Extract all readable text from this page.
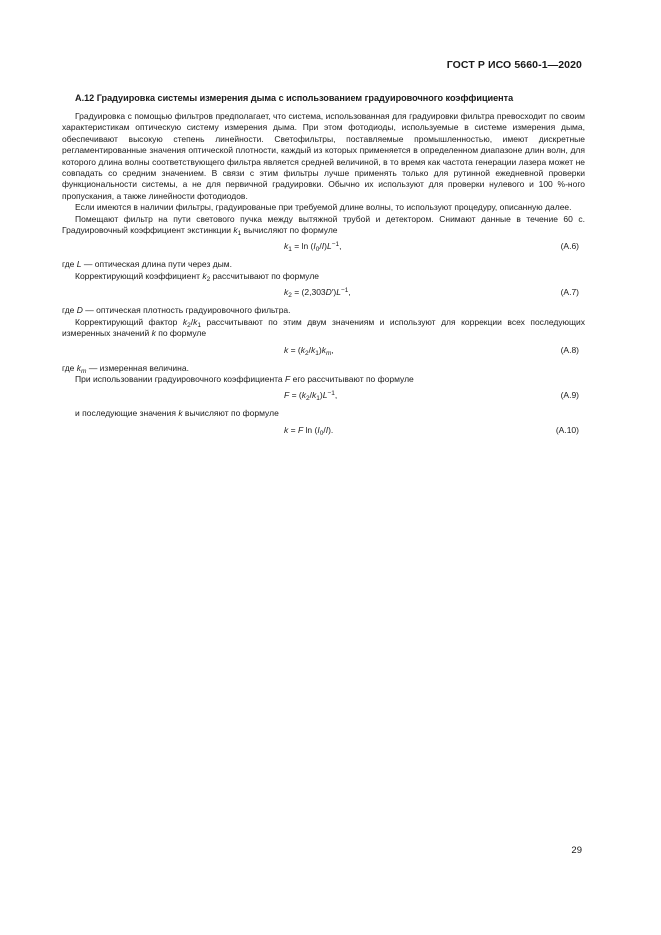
ГОСТ Р ИСО 5660-1—2020
А.12 Градуировка системы измерения дыма с использованием градуировочного коэффициента

Градуировка с помощью фильтров предполагает, что система, использованная для градуировки фильтра превосходит по своим характеристикам оптическую систему измерения дыма. При этом фотодиоды, используемые в системе измерения дыма, обеспечивают высокую степень линейности. Светофильтры, поставляемые промышленностью, имеют дискретные регламентированные значения оптической плотности, каждый из которых применяется в определенном диапазоне длин волн, для которого длина волны соответствующего фильтра является средней величиной, в то время как частота генерации лазера может не совпадать со средним значением. В связи с этим фильтры лучше применять только для рутинной ежедневной проверки функциональности системы, а не для первичной градуировки. Обычно их используют для проверки нулевого и 100 %-ного пропускания, а также линейности фотодиодов.

Если имеются в наличии фильтры, градуированые при требуемой длине волны, то используют процедуру, описанную далее.

Помещают фильтр на пути светового пучка между вытяжной трубой и детектором. Снимают данные в течение 60 с. Градуировочный коэффициент экстинкции $k_1$ вычисляют по формуле

$k_1 = \ln (I_0/I)L^{-1}$,	(А.6)

где L — оптическая длина пути через дым.

Корректирующий коэффициент $k_2$ рассчитывают по формуле

$k_2 = (2,303D')L^{-1}$,	(А.7)

где D — оптическая плотность градуировочного фильтра.

Корректирующий фактор $k_2/k_1$ рассчитывают по этим двум значениям и используют для коррекции всех последующих измеренных значений k по формуле

$k = (k_2/k_1)k_m$,	(А.8)

где $k_m$ — измеренная величина.

При использовании градуировочного коэффициента F его рассчитывают по формуле

$F = (k_2/k_1)L^{-1}$,	(А.9)

и последующие значения k вычисляют по формуле

k = F $\ln (I_0/I)$.	(А.10)
29
